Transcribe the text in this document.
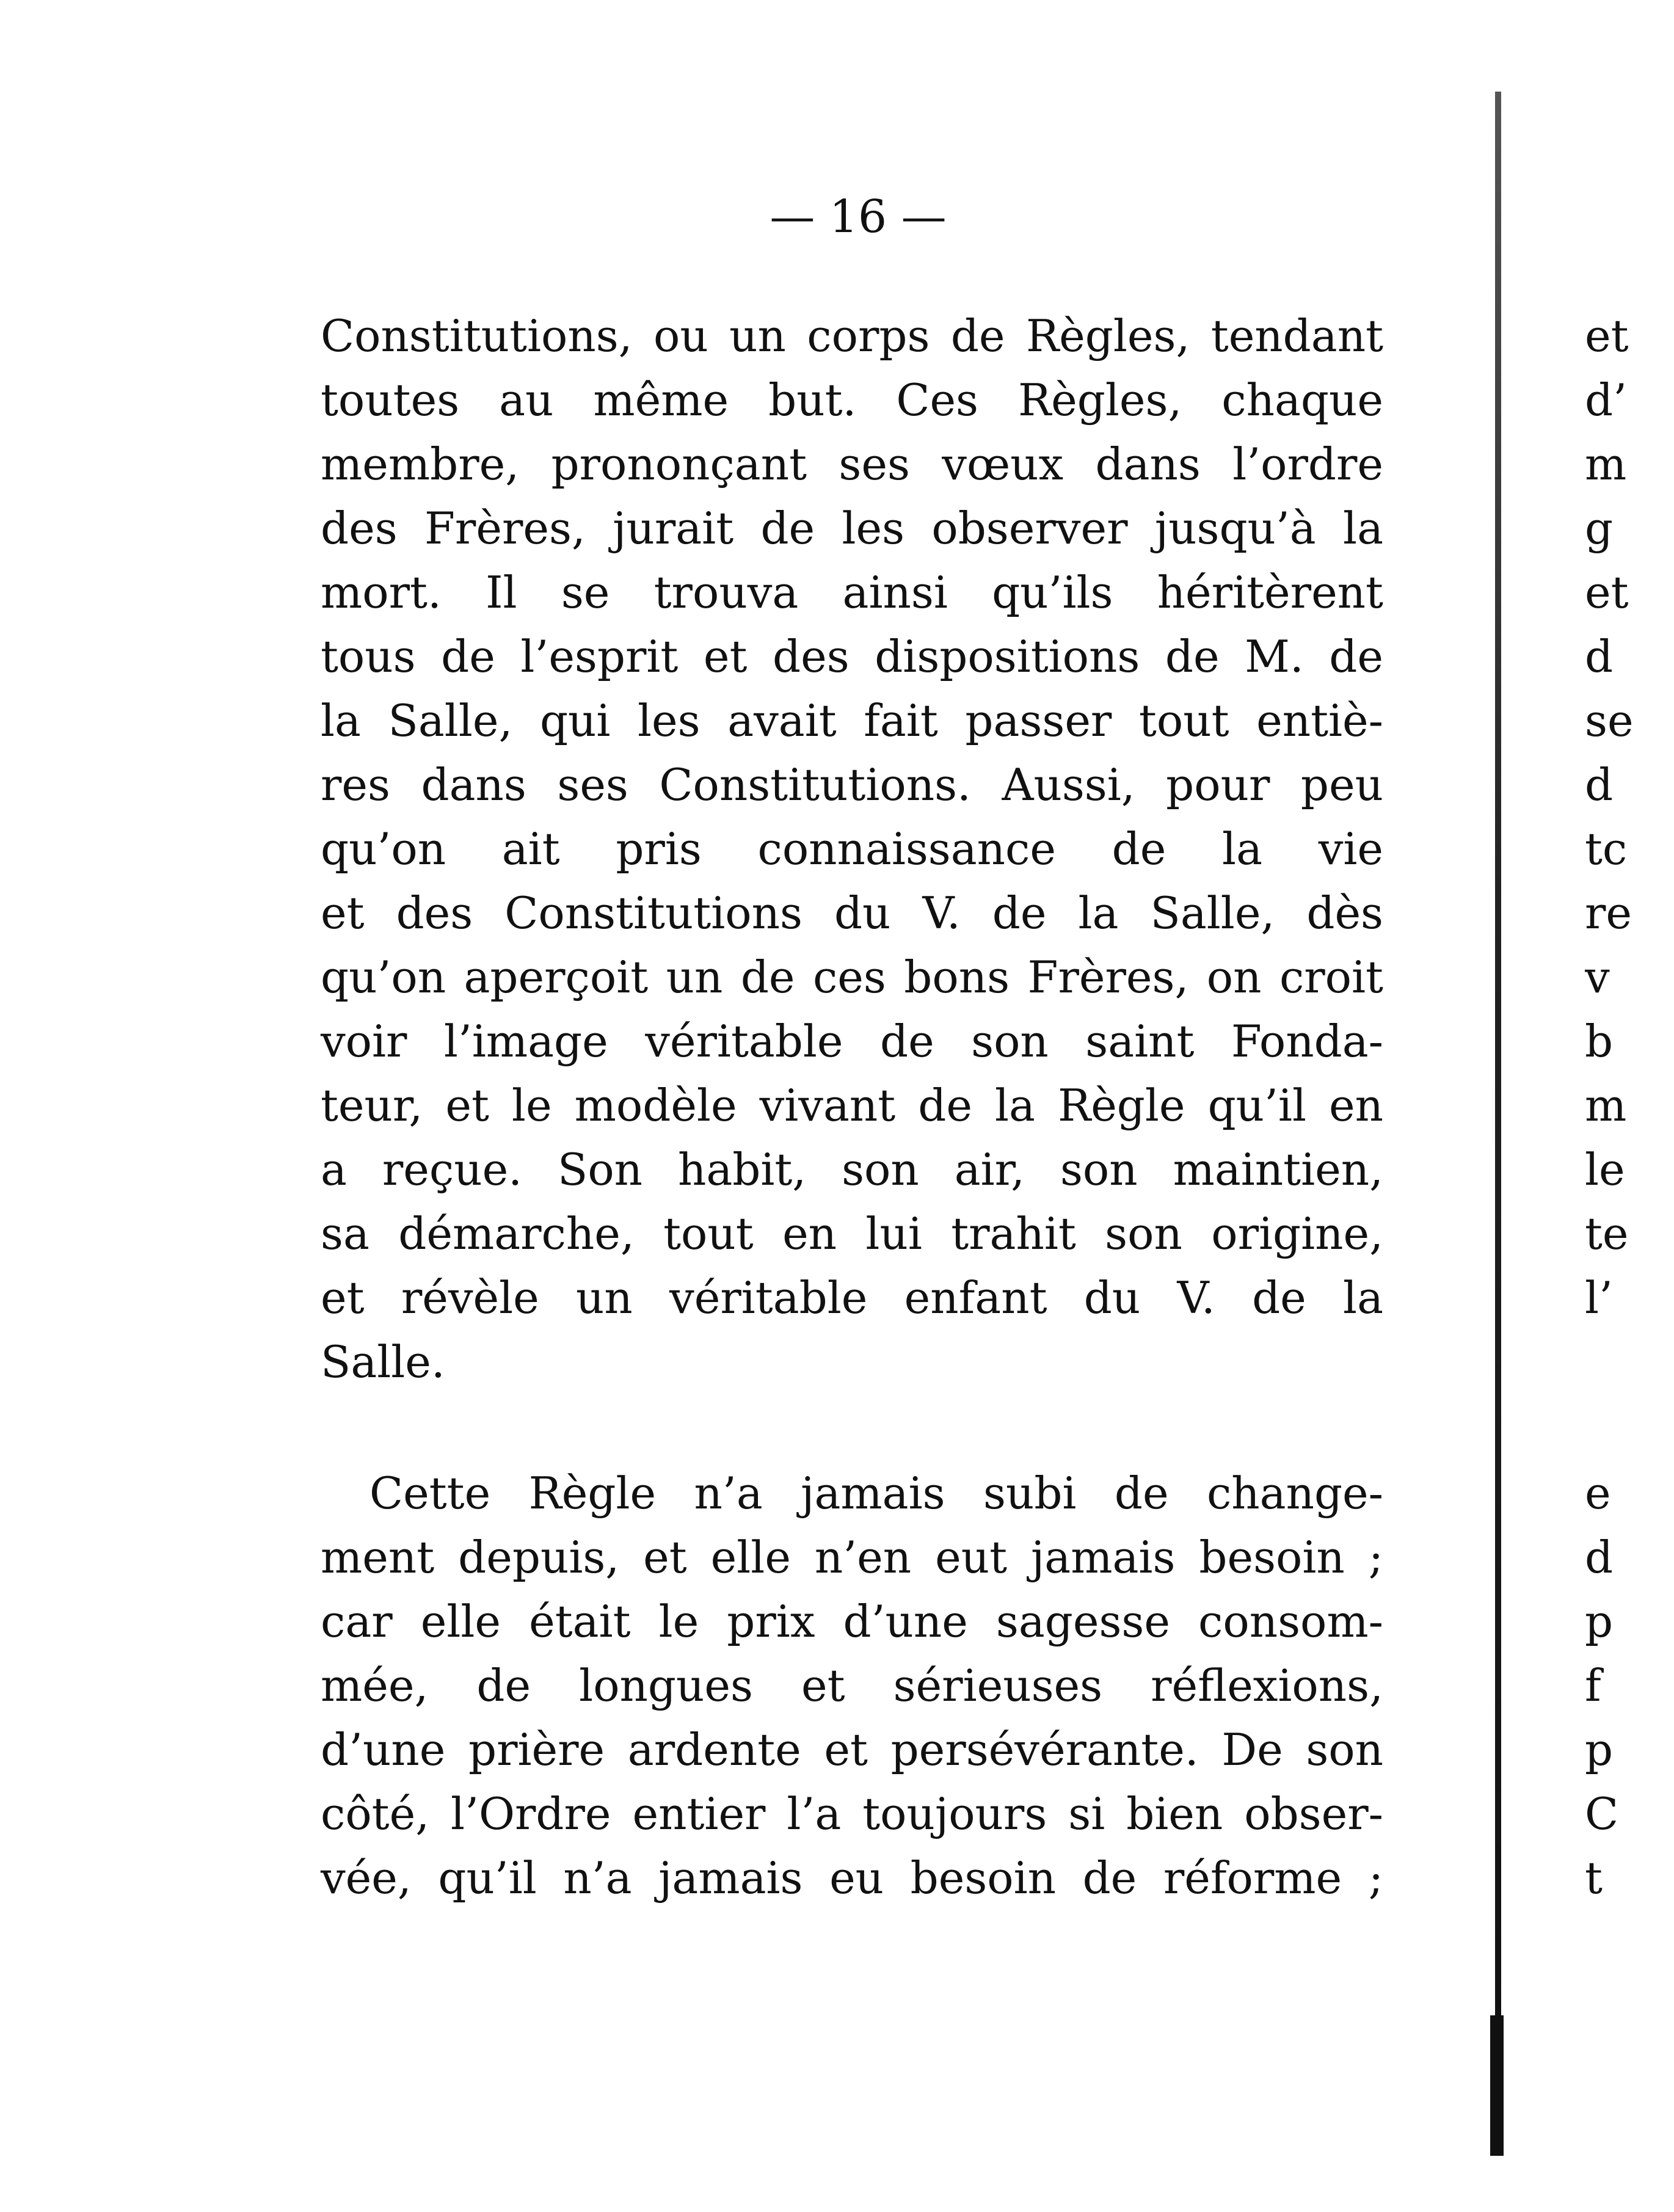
— 16 —
Constitutions, ou un corps de Règles, tendant
toutes au même but. Ces Règles, chaque
membre, prononçant ses vœux dans l’ordre
des Frères, jurait de les observer jusqu’à la
mort. Il se trouva ainsi qu’ils héritèrent
tous de l’esprit et des dispositions de M. de
la Salle, qui les avait fait passer tout entiè-
res dans ses Constitutions. Aussi, pour peu
qu’on ait pris connaissance de la vie
et des Constitutions du V. de la Salle, dès
qu’on aperçoit un de ces bons Frères, on croit
voir l’image véritable de son saint Fonda-
teur, et le modèle vivant de la Règle qu’il en
a reçue. Son habit, son air, son maintien,
sa démarche, tout en lui trahit son origine,
et révèle un véritable enfant du V. de la
Salle.
Cette Règle n’a jamais subi de change-
ment depuis, et elle n’en eut jamais besoin ;
car elle était le prix d’une sagesse consom-
mée, de longues et sérieuses réflexions,
d’une prière ardente et persévérante. De son
côté, l’Ordre entier l’a toujours si bien obser-
vée, qu’il n’a jamais eu besoin de réforme ;
et
d’
m
g
et
d
se
d
tc
re
v
b
m
le
te
l’
e
d
p
f
p
C
t
